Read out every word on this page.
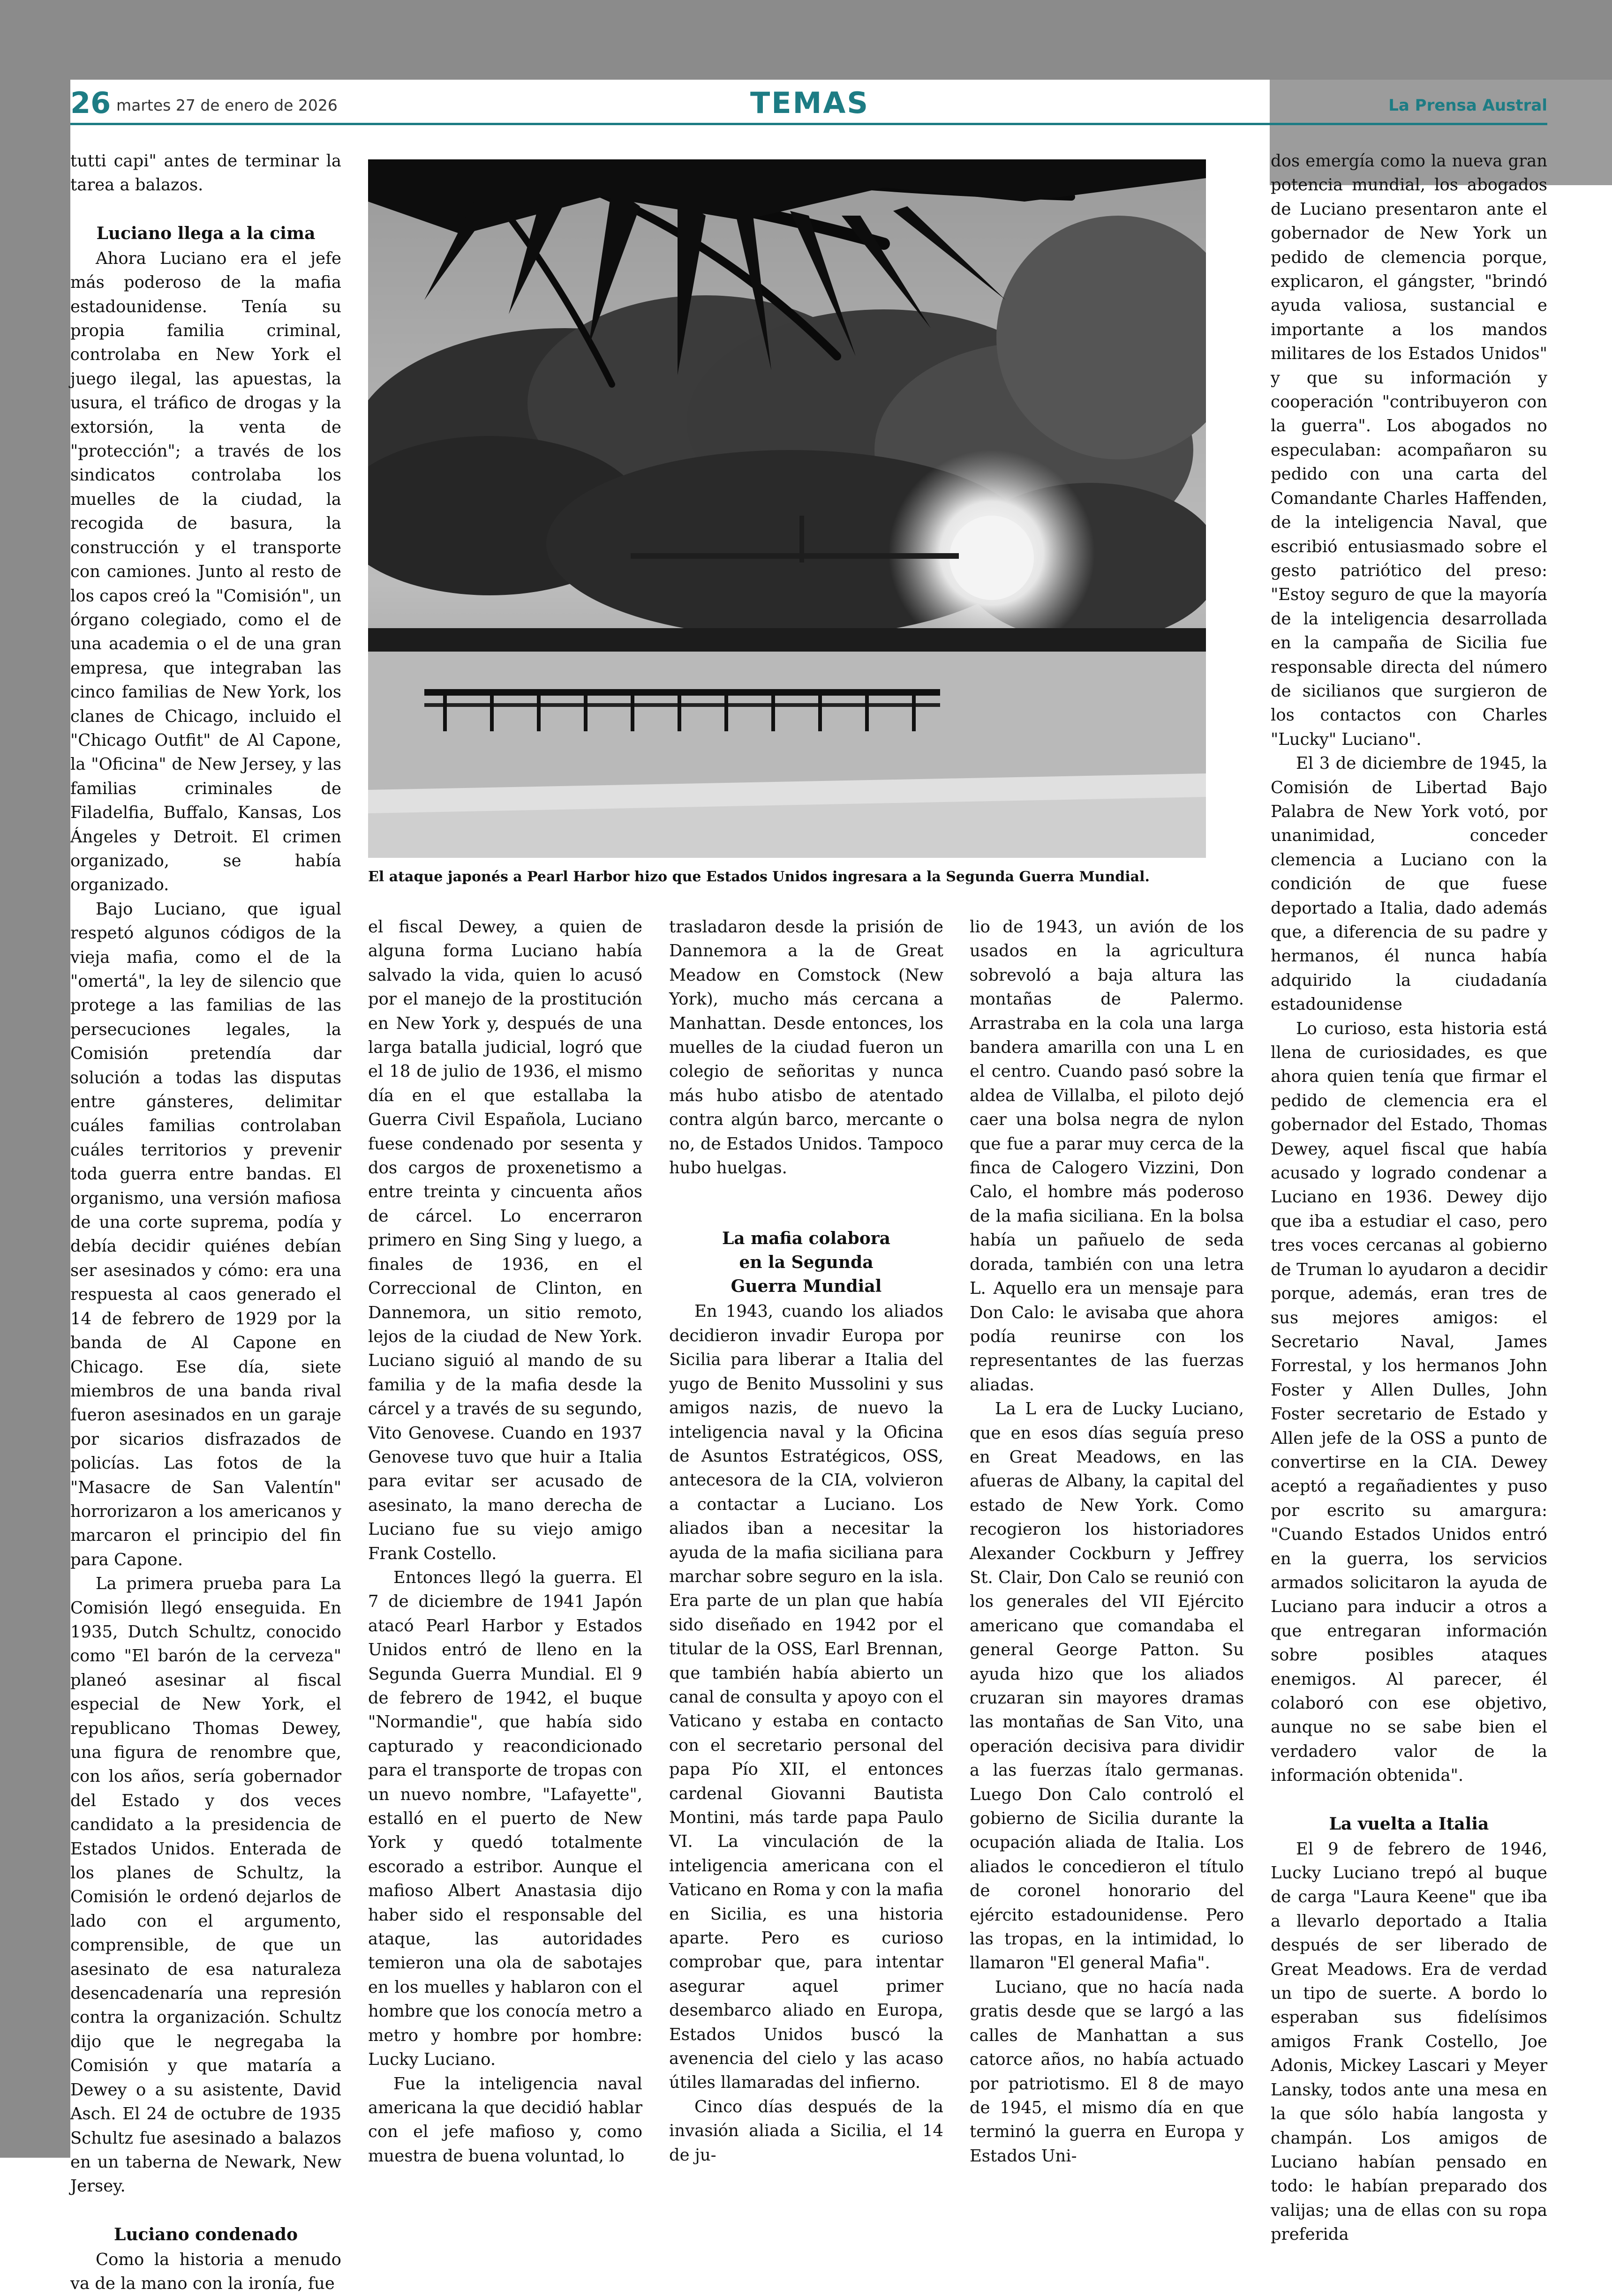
26 martes 27 de enero de 2026	TEMAS	La Prensa Austral

tutti capi" antes de terminar la tarea a balazos.

Luciano llega a la cima

Ahora Luciano era el jefe más poderoso de la mafia estadounidense. Tenía su propia familia criminal, controlaba en New York el juego ilegal, las apuestas, la usura, el tráfico de drogas y la extorsión, la venta de "protección"; a través de los sindicatos controlaba los muelles de la ciudad, la recogida de basura, la construcción y el transporte con camiones. Junto al resto de los capos creó la "Comisión", un órgano colegiado, como el de una academia o el de una gran empresa, que integraban las cinco familias de New York, los clanes de Chicago, incluido el "Chicago Outfit" de Al Capone, la "Oficina" de New Jersey, y las familias criminales de Filadelfia, Buffalo, Kansas, Los Ángeles y Detroit. El crimen organizado, se había organizado.

Bajo Luciano, que igual respetó algunos códigos de la vieja mafia, como el de la "omertá", la ley de silencio que protege a las familias de las persecuciones legales, la Comisión pretendía dar solución a todas las disputas entre gánsteres, delimitar cuáles familias controlaban cuáles territorios y prevenir toda guerra entre bandas. El organismo, una versión mafiosa de una corte suprema, podía y debía decidir quiénes debían ser asesinados y cómo: era una respuesta al caos generado el 14 de febrero de 1929 por la banda de Al Capone en Chicago. Ese día, siete miembros de una banda rival fueron asesinados en un garaje por sicarios disfrazados de policías. Las fotos de la "Masacre de San Valentín" horrorizaron a los americanos y marcaron el principio del fin para Capone.

La primera prueba para La Comisión llegó enseguida. En 1935, Dutch Schultz, conocido como "El barón de la cerveza" planeó asesinar al fiscal especial de New York, el republicano Thomas Dewey, una figura de renombre que, con los años, sería gobernador del Estado y dos veces candidato a la presidencia de Estados Unidos. Enterada de los planes de Schultz, la Comisión le ordenó dejarlos de lado con el argumento, comprensible, de que un asesinato de esa naturaleza desencadenaría una represión contra la organización. Schultz dijo que le negregaba la Comisión y que mataría a Dewey o a su asistente, David Asch. El 24 de octubre de 1935 Schultz fue asesinado a balazos en un taberna de Newark, New Jersey.

Luciano condenado

Como la historia a menudo va de la mano con la ironía, fue

El ataque japonés a Pearl Harbor hizo que Estados Unidos ingresara a la Segunda Guerra Mundial.

el fiscal Dewey, a quien de alguna forma Luciano había salvado la vida, quien lo acusó por el manejo de la prostitución en New York y, después de una larga batalla judicial, logró que el 18 de julio de 1936, el mismo día en el que estallaba la Guerra Civil Española, Luciano fuese condenado por sesenta y dos cargos de proxenetismo a entre treinta y cincuenta años de cárcel. Lo encerraron primero en Sing Sing y luego, a finales de 1936, en el Correccional de Clinton, en Dannemora, un sitio remoto, lejos de la ciudad de New York. Luciano siguió al mando de su familia y de la mafia desde la cárcel y a través de su segundo, Vito Genovese. Cuando en 1937 Genovese tuvo que huir a Italia para evitar ser acusado de asesinato, la mano derecha de Luciano fue su viejo amigo Frank Costello.

Entonces llegó la guerra. El 7 de diciembre de 1941 Japón atacó Pearl Harbor y Estados Unidos entró de lleno en la Segunda Guerra Mundial. El 9 de febrero de 1942, el buque "Normandie", que había sido capturado y reacondicionado para el transporte de tropas con un nuevo nombre, "Lafayette", estalló en el puerto de New York y quedó totalmente escorado a estribor. Aunque el mafioso Albert Anastasia dijo haber sido el responsable del ataque, las autoridades temieron una ola de sabotajes en los muelles y hablaron con el hombre que los conocía metro a metro y hombre por hombre: Lucky Luciano.

Fue la inteligencia naval americana la que decidió hablar con el jefe mafioso y, como muestra de buena voluntad, lo

trasladaron desde la prisión de Dannemora a la de Great Meadow en Comstock (New York), mucho más cercana a Manhattan. Desde entonces, los muelles de la ciudad fueron un colegio de señoritas y nunca más hubo atisbo de atentado contra algún barco, mercante o no, de Estados Unidos. Tampoco hubo huelgas.

La mafia colabora
en la Segunda
Guerra Mundial

En 1943, cuando los aliados decidieron invadir Europa por Sicilia para liberar a Italia del yugo de Benito Mussolini y sus amigos nazis, de nuevo la inteligencia naval y la Oficina de Asuntos Estratégicos, OSS, antecesora de la CIA, volvieron a contactar a Luciano. Los aliados iban a necesitar la ayuda de la mafia siciliana para marchar sobre seguro en la isla. Era parte de un plan que había sido diseñado en 1942 por el titular de la OSS, Earl Brennan, que también había abierto un canal de consulta y apoyo con el Vaticano y estaba en contacto con el secretario personal del papa Pío XII, el entonces cardenal Giovanni Bautista Montini, más tarde papa Paulo VI. La vinculación de la inteligencia americana con el Vaticano en Roma y con la mafia en Sicilia, es una historia aparte. Pero es curioso comprobar que, para intentar asegurar aquel primer desembarco aliado en Europa, Estados Unidos buscó la avenencia del cielo y las acaso útiles llamaradas del infierno.

Cinco días después de la invasión aliada a Sicilia, el 14 de ju-

lio de 1943, un avión de los usados en la agricultura sobrevoló a baja altura las montañas de Palermo. Arrastraba en la cola una larga bandera amarilla con una L en el centro. Cuando pasó sobre la aldea de Villalba, el piloto dejó caer una bolsa negra de nylon que fue a parar muy cerca de la finca de Calogero Vizzini, Don Calo, el hombre más poderoso de la mafia siciliana. En la bolsa había un pañuelo de seda dorada, también con una letra L. Aquello era un mensaje para Don Calo: le avisaba que ahora podía reunirse con los representantes de las fuerzas aliadas.

La L era de Lucky Luciano, que en esos días seguía preso en Great Meadows, en las afueras de Albany, la capital del estado de New York. Como recogieron los historiadores Alexander Cockburn y Jeffrey St. Clair, Don Calo se reunió con los generales del VII Ejército americano que comandaba el general George Patton. Su ayuda hizo que los aliados cruzaran sin mayores dramas las montañas de San Vito, una operación decisiva para dividir a las fuerzas ítalo germanas. Luego Don Calo controló el gobierno de Sicilia durante la ocupación aliada de Italia. Los aliados le concedieron el título de coronel honorario del ejército estadounidense. Pero las tropas, en la intimidad, lo llamaron "El general Mafia".

Luciano, que no hacía nada gratis desde que se largó a las calles de Manhattan a sus catorce años, no había actuado por patriotismo. El 8 de mayo de 1945, el mismo día en que terminó la guerra en Europa y Estados Uni-

dos emergía como la nueva gran potencia mundial, los abogados de Luciano presentaron ante el gobernador de New York un pedido de clemencia porque, explicaron, el gángster, "brindó ayuda valiosa, sustancial e importante a los mandos militares de los Estados Unidos" y que su información y cooperación "contribuyeron con la guerra". Los abogados no especulaban: acompañaron su pedido con una carta del Comandante Charles Haffenden, de la inteligencia Naval, que escribió entusiasmado sobre el gesto patriótico del preso: "Estoy seguro de que la mayoría de la inteligencia desarrollada en la campaña de Sicilia fue responsable directa del número de sicilianos que surgieron de los contactos con Charles "Lucky" Luciano".

El 3 de diciembre de 1945, la Comisión de Libertad Bajo Palabra de New York votó, por unanimidad, conceder clemencia a Luciano con la condición de que fuese deportado a Italia, dado además que, a diferencia de su padre y hermanos, él nunca había adquirido la ciudadanía estadounidense

Lo curioso, esta historia está llena de curiosidades, es que ahora quien tenía que firmar el pedido de clemencia era el gobernador del Estado, Thomas Dewey, aquel fiscal que había acusado y logrado condenar a Luciano en 1936. Dewey dijo que iba a estudiar el caso, pero tres voces cercanas al gobierno de Truman lo ayudaron a decidir porque, además, eran tres de sus mejores amigos: el Secretario Naval, James Forrestal, y los hermanos John Foster y Allen Dulles, John Foster secretario de Estado y Allen jefe de la OSS a punto de convertirse en la CIA. Dewey aceptó a regañadientes y puso por escrito su amargura: "Cuando Estados Unidos entró en la guerra, los servicios armados solicitaron la ayuda de Luciano para inducir a otros a que entregaran información sobre posibles ataques enemigos. Al parecer, él colaboró con ese objetivo, aunque no se sabe bien el verdadero valor de la información obtenida".

La vuelta a Italia

El 9 de febrero de 1946, Lucky Luciano trepó al buque de carga "Laura Keene" que iba a llevarlo deportado a Italia después de ser liberado de Great Meadows. Era de verdad un tipo de suerte. A bordo lo esperaban sus fidelísimos amigos Frank Costello, Joe Adonis, Mickey Lascari y Meyer Lansky, todos ante una mesa en la que sólo había langosta y champán. Los amigos de Luciano habían pensado en todo: le habían preparado dos valijas; una de ellas con su ropa preferida
